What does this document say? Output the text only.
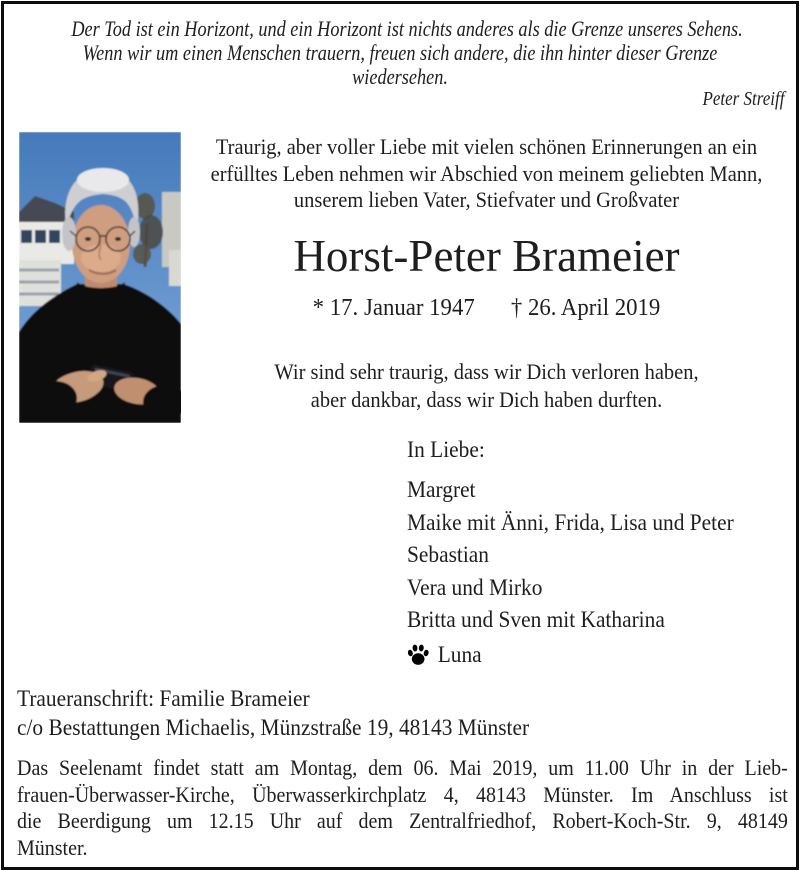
Der Tod ist ein Horizont, und ein Horizont ist nichts anderes als die Grenze unseres Sehens.
Wenn wir um einen Menschen trauern, freuen sich andere, die ihn hinter dieser Grenze
wiedersehen.
Peter Streiff
Traurig, aber voller Liebe mit vielen schönen Erinnerungen an ein
erfülltes Leben nehmen wir Abschied von meinem geliebten Mann,
unserem lieben Vater, Stiefvater und Großvater
Horst-Peter Brameier
* 17. Januar 1947 † 26. April 2019
Wir sind sehr traurig, dass wir Dich verloren haben,
aber dankbar, dass wir Dich haben durften.
In Liebe:
Margret
Maike mit Änni, Frida, Lisa und Peter
Sebastian
Vera und Mirko
Britta und Sven mit Katharina
Luna
Traueranschrift: Familie Brameier
c/o Bestattungen Michaelis, Münzstraße 19, 48143 Münster
Das Seelenamt findet statt am Montag, dem 06. Mai 2019, um 11.00 Uhr in der Lieb-
frauen-Überwasser-Kirche, Überwasserkirchplatz 4, 48143 Münster. Im Anschluss ist
die Beerdigung um 12.15 Uhr auf dem Zentralfriedhof, Robert-Koch-Str. 9, 48149
Münster.
